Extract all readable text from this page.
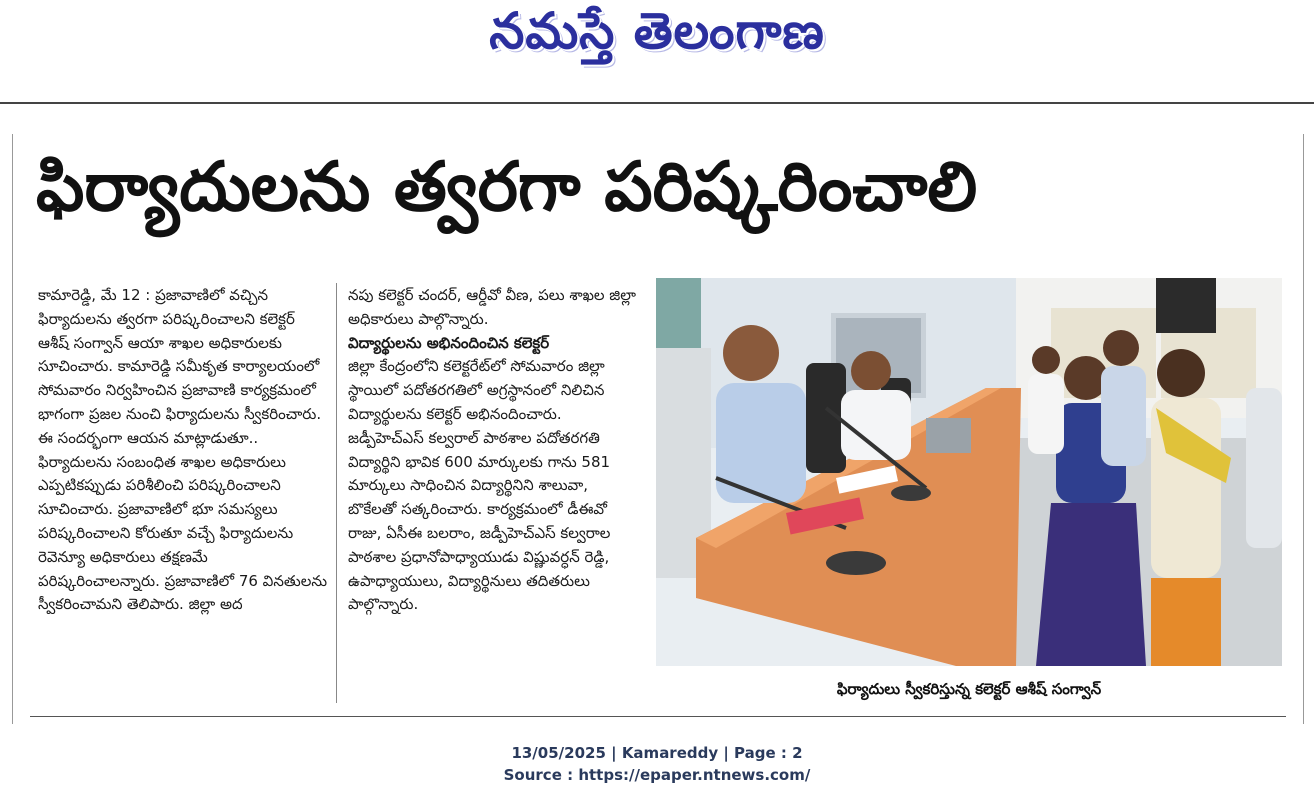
నమస్తే తెలంగాణ
ఫిర్యాదులను త్వరగా పరిష్కరించాలి

కామారెడ్డి, మే 12 : ప్రజావాణిలో వచ్చిన ఫిర్యాదులను త్వరగా పరిష్కరించాలని కలెక్టర్ ఆశీష్ సంగ్వాన్ ఆయా శాఖల అధికారులకు సూచించారు. కామారెడ్డి సమీకృత కార్యాలయంలో సోమవారం నిర్వహించిన ప్రజావాణి కార్యక్రమంలో భాగంగా ప్రజల నుంచి ఫిర్యాదులను స్వీకరించారు. ఈ సందర్భంగా ఆయన మాట్లాడుతూ.. ఫిర్యాదులను సంబంధిత శాఖల అధికారులు ఎప్పటికప్పుడు పరిశీలించి పరిష్కరించాలని సూచించారు. ప్రజావాణిలో భూ సమస్యలు పరిష్కరించాలని కోరుతూ వచ్చే ఫిర్యాదులను రెవెన్యూ అధికారులు తక్షణమే పరిష్కరించాలన్నారు. ప్రజావాణిలో 76 వినతులను స్వీకరించామని తెలిపారు. జిల్లా అద

నపు కలెక్టర్ చందర్, ఆర్డీవో వీణ, పలు శాఖల జిల్లా అధికారులు పాల్గొన్నారు.

విద్యార్థులను అభినందించిన కలెక్టర్

జిల్లా కేంద్రంలోని కలెక్టరేట్‌లో సోమవారం జిల్లా స్థాయిలో పదోతరగతిలో అగ్రస్థానంలో నిలిచిన విద్యార్థులను కలెక్టర్ అభినందించారు. జడ్పీహెచ్ఎస్ కల్వరాల్ పాఠశాల పదోతరగతి విద్యార్థిని భావిక 600 మార్కులకు గాను 581 మార్కులు సాధించిన విద్యార్థినిని శాలువా, బొకేలతో సత్కరించారు. కార్యక్రమంలో డీఈవో రాజు, ఏసీఈ బలరాం, జడ్పీహెచ్ఎస్ కల్వరాల పాఠశాల ప్రధానోపాధ్యాయుడు విష్ణువర్ధన్ రెడ్డి, ఉపాధ్యాయులు, విద్యార్థినులు తదితరులు పాల్గొన్నారు.

ఫిర్యాదులు స్వీకరిస్తున్న కలెక్టర్ ఆశీష్ సంగ్వాన్
13/05/2025 | Kamareddy | Page : 2
Source : https://epaper.ntnews.com/
